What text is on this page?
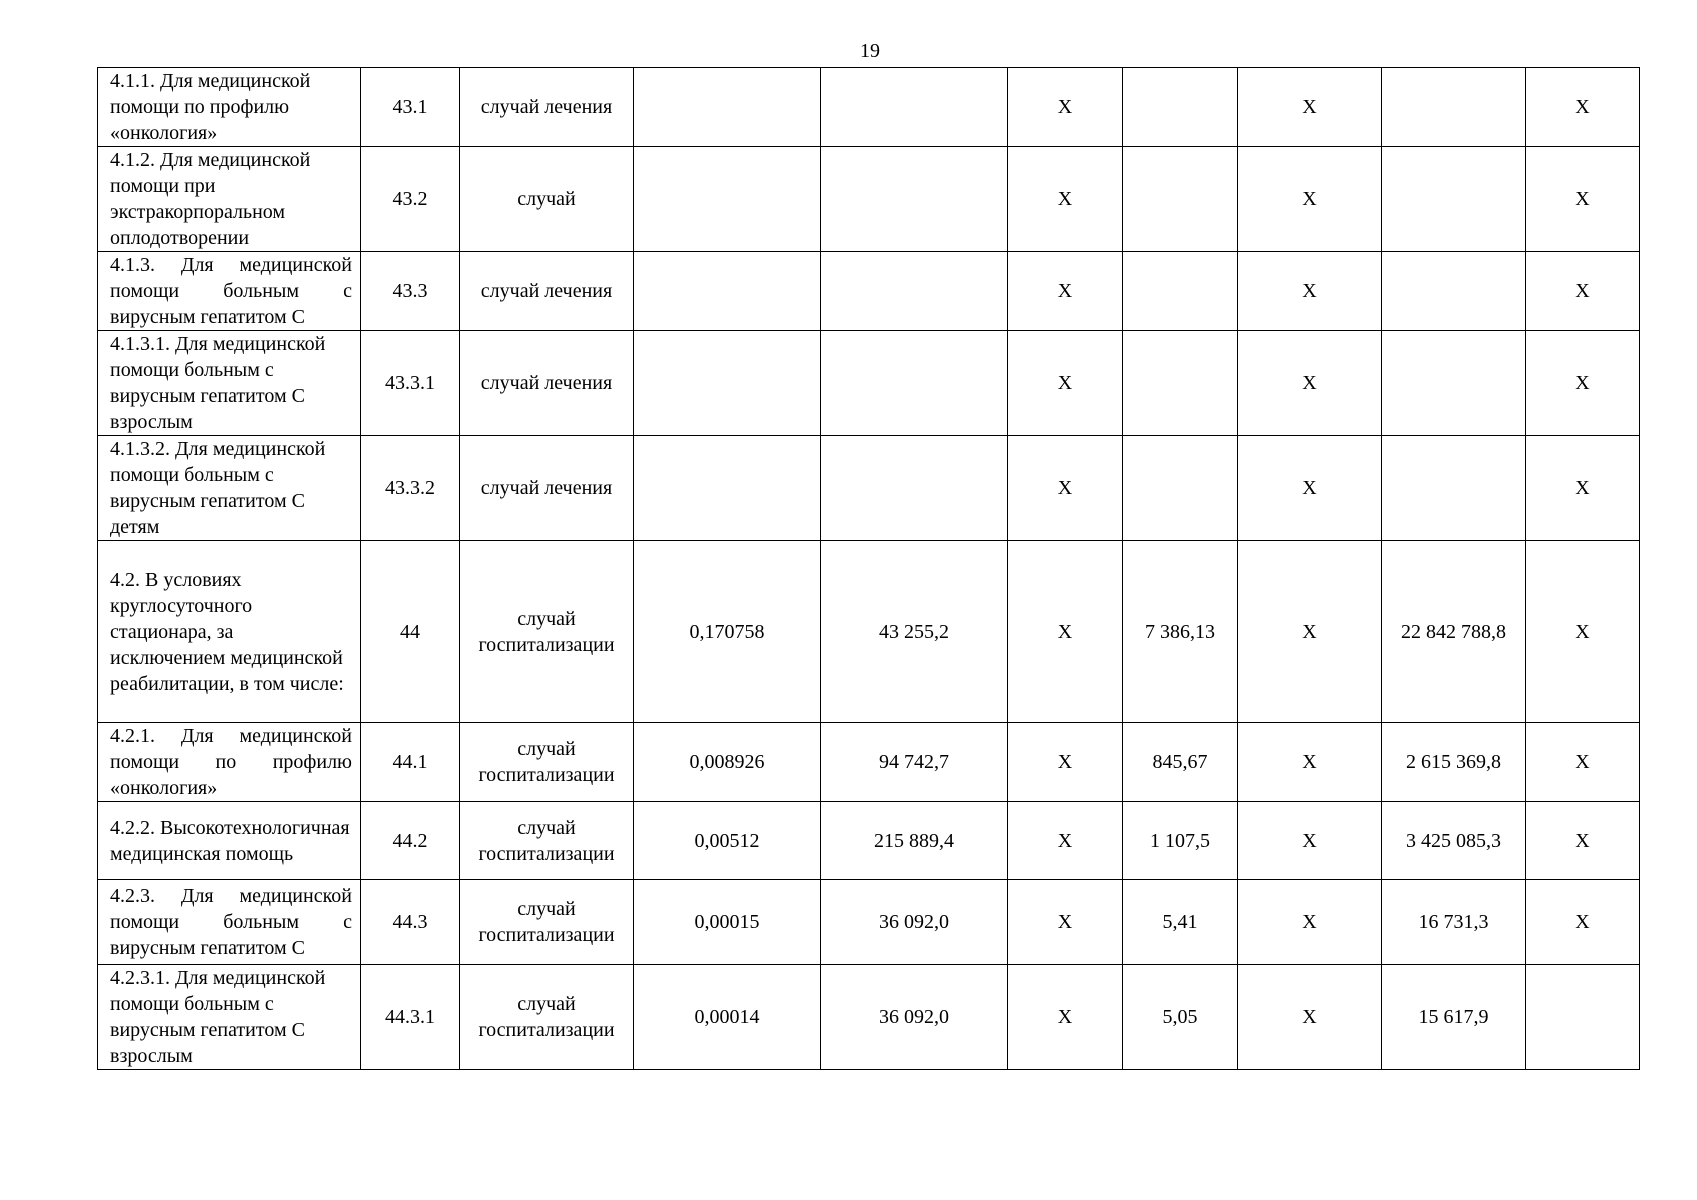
19
4.1.1. Для медицинской помощи по профилю «онкология»	43.1	случай лечения			Х		Х		Х
4.1.2. Для медицинской помощи при экстракорпоральном оплодотворении	43.2	случай			Х		Х		Х
4.1.3. Для медицинской помощи больным с вирусным гепатитом С	43.3	случай лечения			Х		Х		Х
4.1.3.1. Для медицинской помощи больным с вирусным гепатитом С взрослым	43.3.1	случай лечения			Х		Х		Х
4.1.3.2. Для медицинской помощи больным с вирусным гепатитом С детям	43.3.2	случай лечения			Х		Х		Х
4.2. В условиях круглосуточного стационара, за исключением медицинской реабилитации, в том числе:	44	случай госпитализации	0,170758	43 255,2	Х	7 386,13	Х	22 842 788,8	Х
4.2.1. Для медицинской помощи по профилю «онкология»	44.1	случай госпитализации	0,008926	94 742,7	Х	845,67	Х	2 615 369,8	Х
4.2.2. Высокотехнологичная медицинская помощь	44.2	случай госпитализации	0,00512	215 889,4	Х	1 107,5	Х	3 425 085,3	Х
4.2.3. Для медицинской помощи больным с вирусным гепатитом С	44.3	случай госпитализации	0,00015	36 092,0	Х	5,41	Х	16 731,3	Х
4.2.3.1. Для медицинской помощи больным с вирусным гепатитом С взрослым	44.3.1	случай госпитализации	0,00014	36 092,0	Х	5,05	Х	15 617,9	
